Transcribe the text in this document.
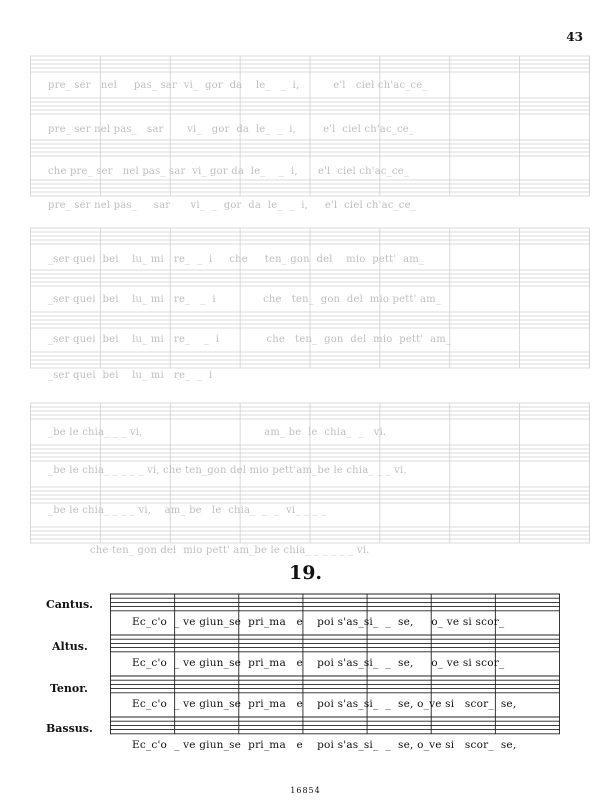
43
pre_ ser   nel     pas_ sar  vi_  gor  da    le_   _  i,          e'l   ciel ch'ac_ce_
pre_ ser nel pas_   sar       vi_   gor  da  le_  _  i,        e'l  ciel ch'ac_ce_
che pre_ ser   nel pas_ sar  vi_ gor da  le_    _  i,      e'l  ciel ch'ac_ce_
pre_ ser nel pas_     sar      vi_  _  gor  da  le_  _  i,     e'l  ciel ch'ac_ce_
_ser quei  bei    lu_ mi   re_  _  i     che     ten_ gon  del    mio  pett'  am_
_ser quei  bei    lu_ mi   re_   _  i              che   ten_  gon  del  mio pett' am_
_ser quei  bei    lu_ mi   re_    _  i              che   ten_  gon  del  mio  pett'  am_
_ser quei  bei    lu_ mi   re_  _  i
_be le chia_ _ _ vi,                                    am_ be  le  chia_  _   vi.
_be le chia_ _ _ _ _ vi, che ten_gon del mio pett'am_be le chia_ _ _ vi.
_be le chia_ _ _ _ vi,    am_ be   le  chia_  _  _  vi_ _ _ _
che ten_ gon del  mio pett' am_be le chia_ _ _ _ _ _ vi.
19.
Cantus.
Altus.
Tenor.
Bassus.
Ec_c'o  _ ve giun_se  pri_ma   e    poi s'as_si_  _  se,     o_ ve si scor_
Ec_c'o  _ ve giun_se  pri_ma   e    poi s'as_si_  _  se,     o_ ve si scor_
Ec_c'o  _ ve giun_se  pri_ma   e    poi s'as_si_  _  se, o_ve si   scor_  se,
Ec_c'o  _ ve giun_se  pri_ma   e    poi s'as_si_  _  se, o_ve si   scor_  se,
16854
